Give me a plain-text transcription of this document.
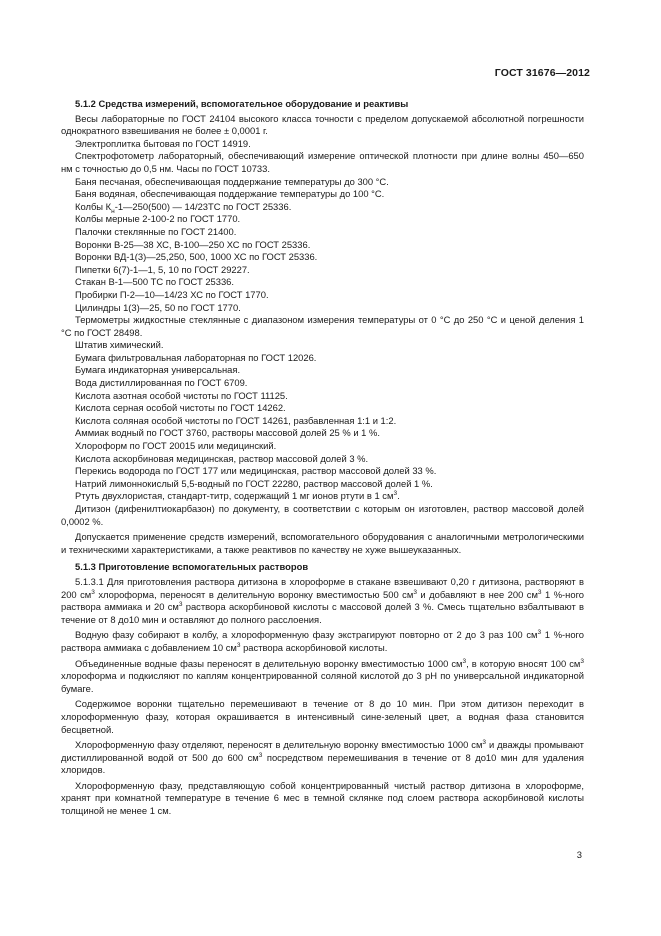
ГОСТ 31676—2012

5.1.2 Средства измерений, вспомогательное оборудование и реактивы

Весы лабораторные по ГОСТ 24104 высокого класса точности с пределом допускаемой абсолютной погрешности однократного взвешивания не более ± 0,0001 г.

Электроплитка бытовая по ГОСТ 14919.

Спектрофотометр лабораторный, обеспечивающий измерение оптической плотности при длине волны 450—650 нм с точностью до 0,5 нм. Часы по ГОСТ 10733.

Баня песчаная, обеспечивающая поддержание температуры до 300 °С.

Баня водяная, обеспечивающая поддержание температуры до 100 °С.

Колбы $К_н-1—250(500)$ — 14/23ТС по ГОСТ 25336.

Колбы мерные 2-100-2 по ГОСТ 1770.

Палочки стеклянные по ГОСТ 21400.

Воронки В-25—38 ХС, В-100—250 ХС по ГОСТ 25336.

Воронки ВД-1(3)—25,250, 500, 1000 ХС по ГОСТ 25336.

Пипетки 6(7)-1—1, 5, 10 по ГОСТ 29227.

Стакан В-1—500 ТС по ГОСТ 25336.

Пробирки П-2—10—14/23 ХС по ГОСТ 1770.

Цилиндры 1(3)—25, 50 по ГОСТ 1770.

Термометры жидкостные стеклянные с диапазоном измерения температуры от 0 °С до 250 °С и ценой деления 1 °С по ГОСТ 28498.

Штатив химический.

Бумага фильтровальная лабораторная по ГОСТ 12026.

Бумага индикаторная универсальная.

Вода дистиллированная по ГОСТ 6709.

Кислота азотная особой чистоты по ГОСТ 11125.

Кислота серная особой чистоты по ГОСТ 14262.

Кислота соляная особой чистоты по ГОСТ 14261, разбавленная 1:1 и 1:2.

Аммиак водный по ГОСТ 3760, растворы массовой долей 25 % и 1 %.

Хлороформ по ГОСТ 20015 или медицинский.

Кислота аскорбиновая медицинская, раствор массовой долей 3 %.

Перекись водорода по ГОСТ 177 или медицинская, раствор массовой долей 33 %.

Натрий лимоннокислый 5,5-водный по ГОСТ 22280, раствор массовой долей 1 %.

Ртуть двухлористая, стандарт-титр, содержащий 1 мг ионов ртути в 1 $см^3$.

Дитизон (дифенилтиокарбазон) по документу, в соответствии с которым он изготовлен, раствор массовой долей 0,0002 %.

Допускается применение средств измерений, вспомогательного оборудования с аналогичными метрологическими и техническими характеристиками, а также реактивов по качеству не хуже вышеуказанных.

5.1.3 Приготовление вспомогательных растворов

5.1.3.1 Для приготовления раствора дитизона в хлороформе в стакане взвешивают 0,20 г дитизона, растворяют в 200 $см^3$ хлороформа, переносят в делительную воронку вместимостью 500 $см^3$ и добавляют в нее 200 $см^3$ 1 %-ного раствора аммиака и 20 $см^3$ раствора аскорбиновой кислоты с массовой долей 3 %. Смесь тщательно взбалтывают в течение от 8 до10 мин и оставляют до полного расслоения.

Водную фазу собирают в колбу, а хлороформенную фазу экстрагируют повторно от 2 до 3 раз 100 $см^3$ 1 %-ного раствора аммиака с добавлением 10 $см^3$ раствора аскорбиновой кислоты.

Объединенные водные фазы переносят в делительную воронку вместимостью 1000 $см^3$, в которую вносят 100 $см^3$ хлороформа и подкисляют по каплям концентрированной соляной кислотой до 3 рН по универсальной индикаторной бумаге.

Содержимое воронки тщательно перемешивают в течение от 8 до 10 мин. При этом дитизон переходит в хлороформенную фазу, которая окрашивается в интенсивный сине-зеленый цвет, а водная фаза становится бесцветной.

Хлороформенную фазу отделяют, переносят в делительную воронку вместимостью 1000 $см^3$ и дважды промывают дистиллированной водой от 500 до 600 $см^3$ посредством перемешивания в течение от 8 до10 мин для удаления хлоридов.

Хлороформенную фазу, представляющую собой концентрированный чистый раствор дитизона в хлороформе, хранят при комнатной температуре в течение 6 мес в темной склянке под слоем раствора аскорбиновой кислоты толщиной не менее 1 см.

3
